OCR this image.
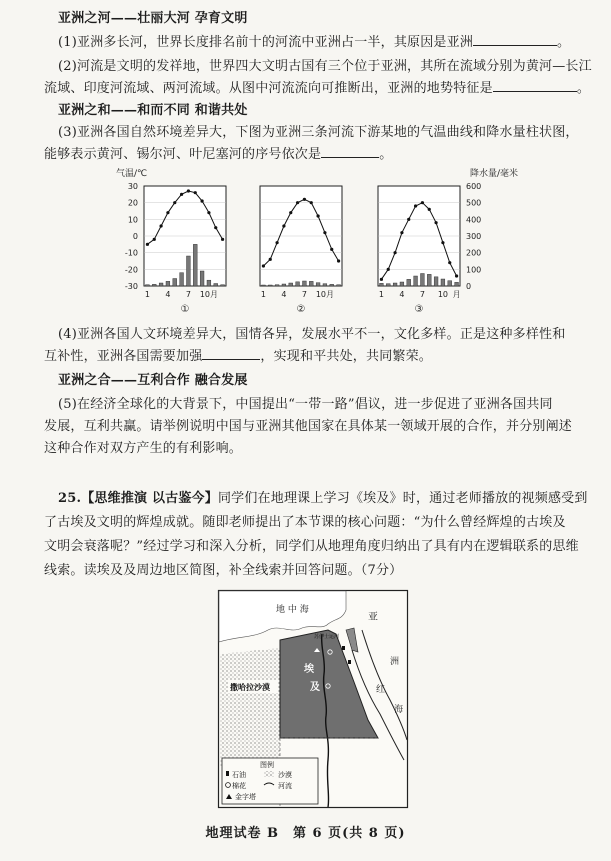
亚洲之河——壮丽大河 孕育文明

(1)亚洲多长河，世界长度排名前十的河流中亚洲占一半，其原因是亚洲	。

(2)河流是文明的发祥地，世界四大文明古国有三个位于亚洲，其所在流域分别为黄河—长江

流域、印度河流域、两河流域。从图中河流流向可推断出，亚洲的地势特征是	。

亚洲之和——和而不同 和谐共处

(3)亚洲各国自然环境差异大，下图为亚洲三条河流下游某地的气温曲线和降水量柱状图，

能够表示黄河、锡尔河、叶尼塞河的序号依次是	。

气温/℃	降水量/毫米
30
20
10
0
-10
-20
-30
600
500
400
300
200
100
0
1 4 7 10月
①
1 4 7 10月
②
1 4 7 10 月
③

(4)亚洲各国人文环境差异大，国情各异，发展水平不一，文化多样。正是这种多样性和

互补性，亚洲各国需要加强	，实现和平共处，共同繁荣。

亚洲之合——互利合作 融合发展

(5)在经济全球化的大背景下，中国提出“一带一路”倡议，进一步促进了亚洲各国共同

发展，互利共赢。请举例说明中国与亚洲其他国家在具体某一领域开展的合作，并分别阐述

这种合作对双方产生的有利影响。

25.【思维推演 以古鉴今】同学们在地理课上学习《埃及》时，通过老师播放的视频感受到

了古埃及文明的辉煌成就。随即老师提出了本节课的核心问题：“为什么曾经辉煌的古埃及

文明会衰落呢？”经过学习和深入分析，同学们从地理角度归纳出了具有内在逻辑联系的思维

线索。读埃及及周边地区简图，补全线索并回答问题。（7分）

地 中 海
苏伊士运河
亚
洲
红
海
撒哈拉沙漠
埃
及
图例
石油	沙漠
棉花	河流
金字塔
地理试卷 B　第 6 页(共 8 页)
